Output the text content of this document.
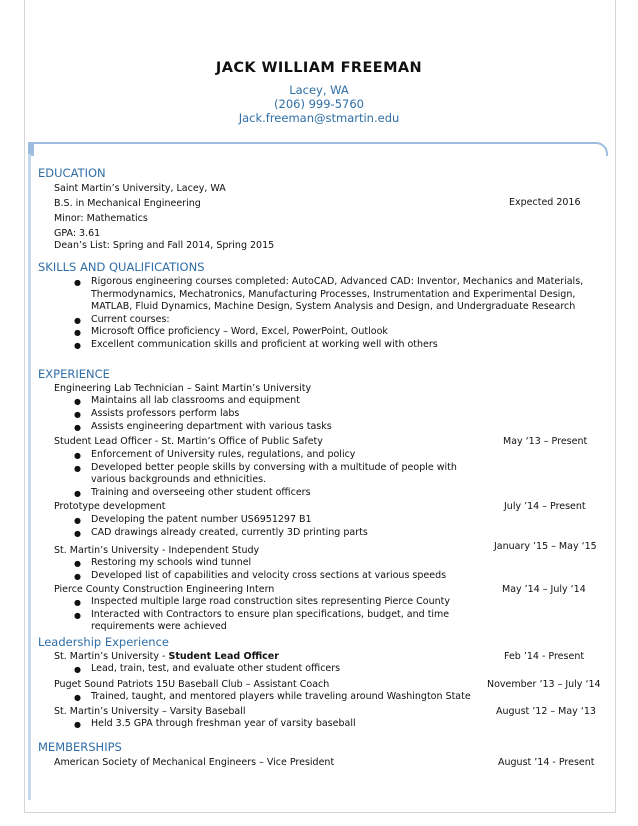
JACK WILLIAM FREEMAN
Lacey, WA
(206) 999-5760
Jack.freeman@stmartin.edu
EDUCATION
Saint Martin’s University, Lacey, WA
B.S. in Mechanical Engineering	Expected 2016
Minor: Mathematics
GPA: 3.61
Dean’s List: Spring and Fall 2014, Spring 2015
SKILLS AND QUALIFICATIONS
● Rigorous engineering courses completed: AutoCAD, Advanced CAD: Inventor, Mechanics and Materials,
Thermodynamics, Mechatronics, Manufacturing Processes, Instrumentation and Experimental Design,
MATLAB, Fluid Dynamics, Machine Design, System Analysis and Design, and Undergraduate Research
● Current courses:
● Microsoft Office proficiency – Word, Excel, PowerPoint, Outlook
● Excellent communication skills and proficient at working well with others
EXPERIENCE
Engineering Lab Technician – Saint Martin’s University
● Maintains all lab classrooms and equipment
● Assists professors perform labs
● Assists engineering department with various tasks
Student Lead Officer - St. Martin’s Office of Public Safety	May ‘13 – Present
● Enforcement of University rules, regulations, and policy
● Developed better people skills by conversing with a multitude of people with
various backgrounds and ethnicities.
● Training and overseeing other student officers
Prototype development	July ’14 – Present
● Developing the patent number US6951297 B1
● CAD drawings already created, currently 3D printing parts
St. Martin’s University - Independent Study	January ’15 – May ‘15
● Restoring my schools wind tunnel
● Developed list of capabilities and velocity cross sections at various speeds
Pierce County Construction Engineering Intern	May ’14 – July ‘14
● Inspected multiple large road construction sites representing Pierce County
● Interacted with Contractors to ensure plan specifications, budget, and time
requirements were achieved
Leadership Experience
St. Martin’s University - Student Lead Officer	Feb ’14 - Present
● Lead, train, test, and evaluate other student officers
Puget Sound Patriots 15U Baseball Club – Assistant Coach	November ’13 – July ‘14
● Trained, taught, and mentored players while traveling around Washington State
St. Martin’s University – Varsity Baseball	August ’12 – May ‘13
● Held 3.5 GPA through freshman year of varsity baseball
MEMBERSHIPS
American Society of Mechanical Engineers – Vice President	August ’14 - Present
